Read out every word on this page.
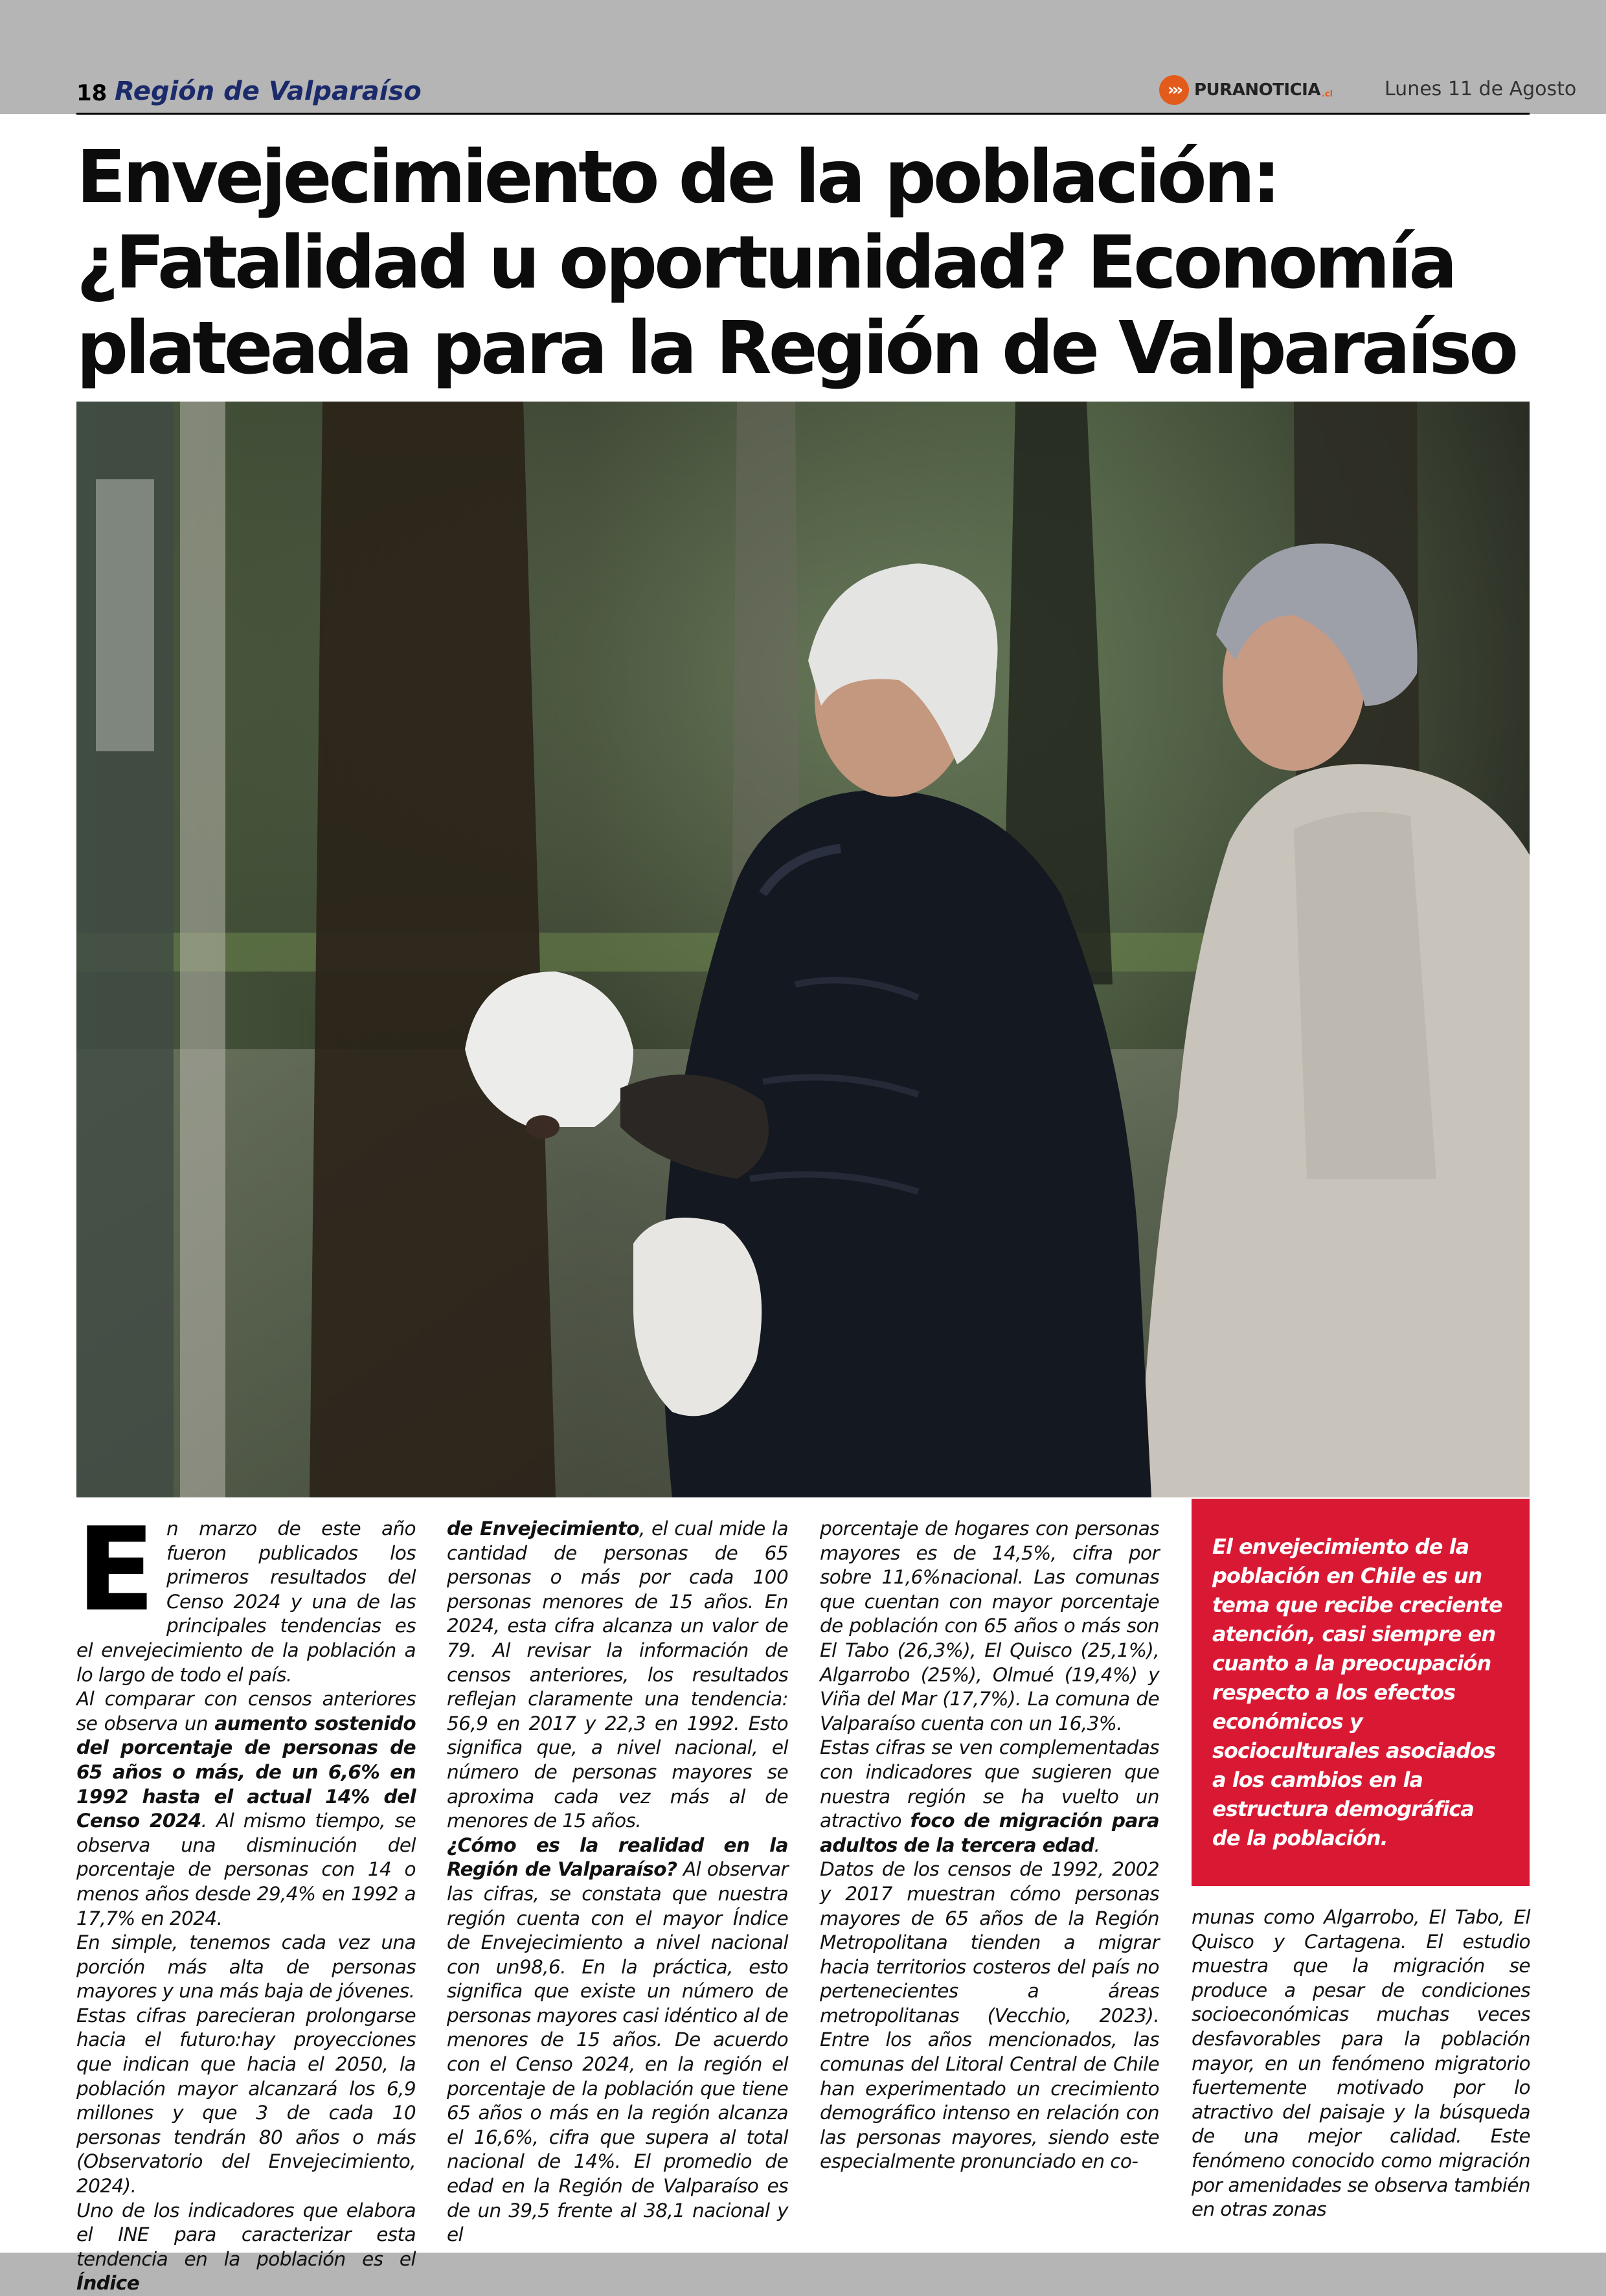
18 Región de Valparaíso	››› PURANOTICIA .cl	Lunes 11 de Agosto
Envejecimiento de la población:
¿Fatalidad u oportunidad? Economía
plateada para la Región de Valparaíso
E n marzo de este año fueron publicados los primeros resultados del Censo 2024 y una de las principales tendencias es el envejecimiento de la población a lo largo de todo el país.

Al comparar con censos anteriores se observa un aumento sostenido del porcentaje de personas de 65 años o más, de un 6,6% en 1992 hasta el actual 14% del Censo 2024. Al mismo tiempo, se observa una disminución del porcentaje de personas con 14 o menos años desde 29,4% en 1992 a 17,7% en 2024.

En simple, tenemos cada vez una porción más alta de personas mayores y una más baja de jóvenes.

Estas cifras parecieran prolongarse hacia el futuro:hay proyecciones que indican que hacia el 2050, la población mayor alcanzará los 6,9 millones y que 3 de cada 10 personas tendrán 80 años o más (Observatorio del Envejecimiento, 2024).

Uno de los indicadores que elabora el INE para caracterizar esta tendencia en la población es el Índice

de Envejecimiento, el cual mide la cantidad de personas de 65 personas o más por cada 100 personas menores de 15 años. En 2024, esta cifra alcanza un valor de 79. Al revisar la información de censos anteriores, los resultados reflejan claramente una tendencia: 56,9 en 2017 y 22,3 en 1992. Esto significa que, a nivel nacional, el número de personas mayores se aproxima cada vez más al de menores de 15 años.

¿Cómo es la realidad en la Región de Valparaíso? Al observar las cifras, se constata que nuestra región cuenta con el mayor Índice de Envejecimiento a nivel nacional con un98,6. En la práctica, esto significa que existe un número de personas mayores casi idéntico al de menores de 15 años. De acuerdo con el Censo 2024, en la región el porcentaje de la población que tiene 65 años o más en la región alcanza el 16,6%, cifra que supera al total nacional de 14%. El promedio de edad en la Región de Valparaíso es de un 39,5 frente al 38,1 nacional y el

porcentaje de hogares con personas mayores es de 14,5%, cifra por sobre 11,6%nacional. Las comunas que cuentan con mayor porcentaje de población con 65 años o más son El Tabo (26,3%), El Quisco (25,1%), Algarrobo (25%), Olmué (19,4%) y Viña del Mar (17,7%). La comuna de Valparaíso cuenta con un 16,3%.

Estas cifras se ven complementadas con indicadores que sugieren que nuestra región se ha vuelto un atractivo foco de migración para adultos de la tercera edad.

Datos de los censos de 1992, 2002 y 2017 muestran cómo personas mayores de 65 años de la Región Metropolitana tienden a migrar hacia territorios costeros del país no pertenecientes a áreas metropolitanas (Vecchio, 2023). Entre los años mencionados, las comunas del Litoral Central de Chile han experimentado un crecimiento demográfico intenso en relación con las personas mayores, siendo este especialmente pronunciado en co-

El envejecimiento de la población en Chile es un tema que recibe creciente atención, casi siempre en cuanto a la preocupación respecto a los efectos económicos y socioculturales asociados a los cambios en la estructura demográfica de la población.

munas como Algarrobo, El Tabo, El Quisco y Cartagena. El estudio muestra que la migración se produce a pesar de condiciones socioeconómicas muchas veces desfavorables para la población mayor, en un fenómeno migratorio fuertemente motivado por lo atractivo del paisaje y la búsqueda de una mejor calidad. Este fenómeno conocido como migración por amenidades se observa también en otras zonas
